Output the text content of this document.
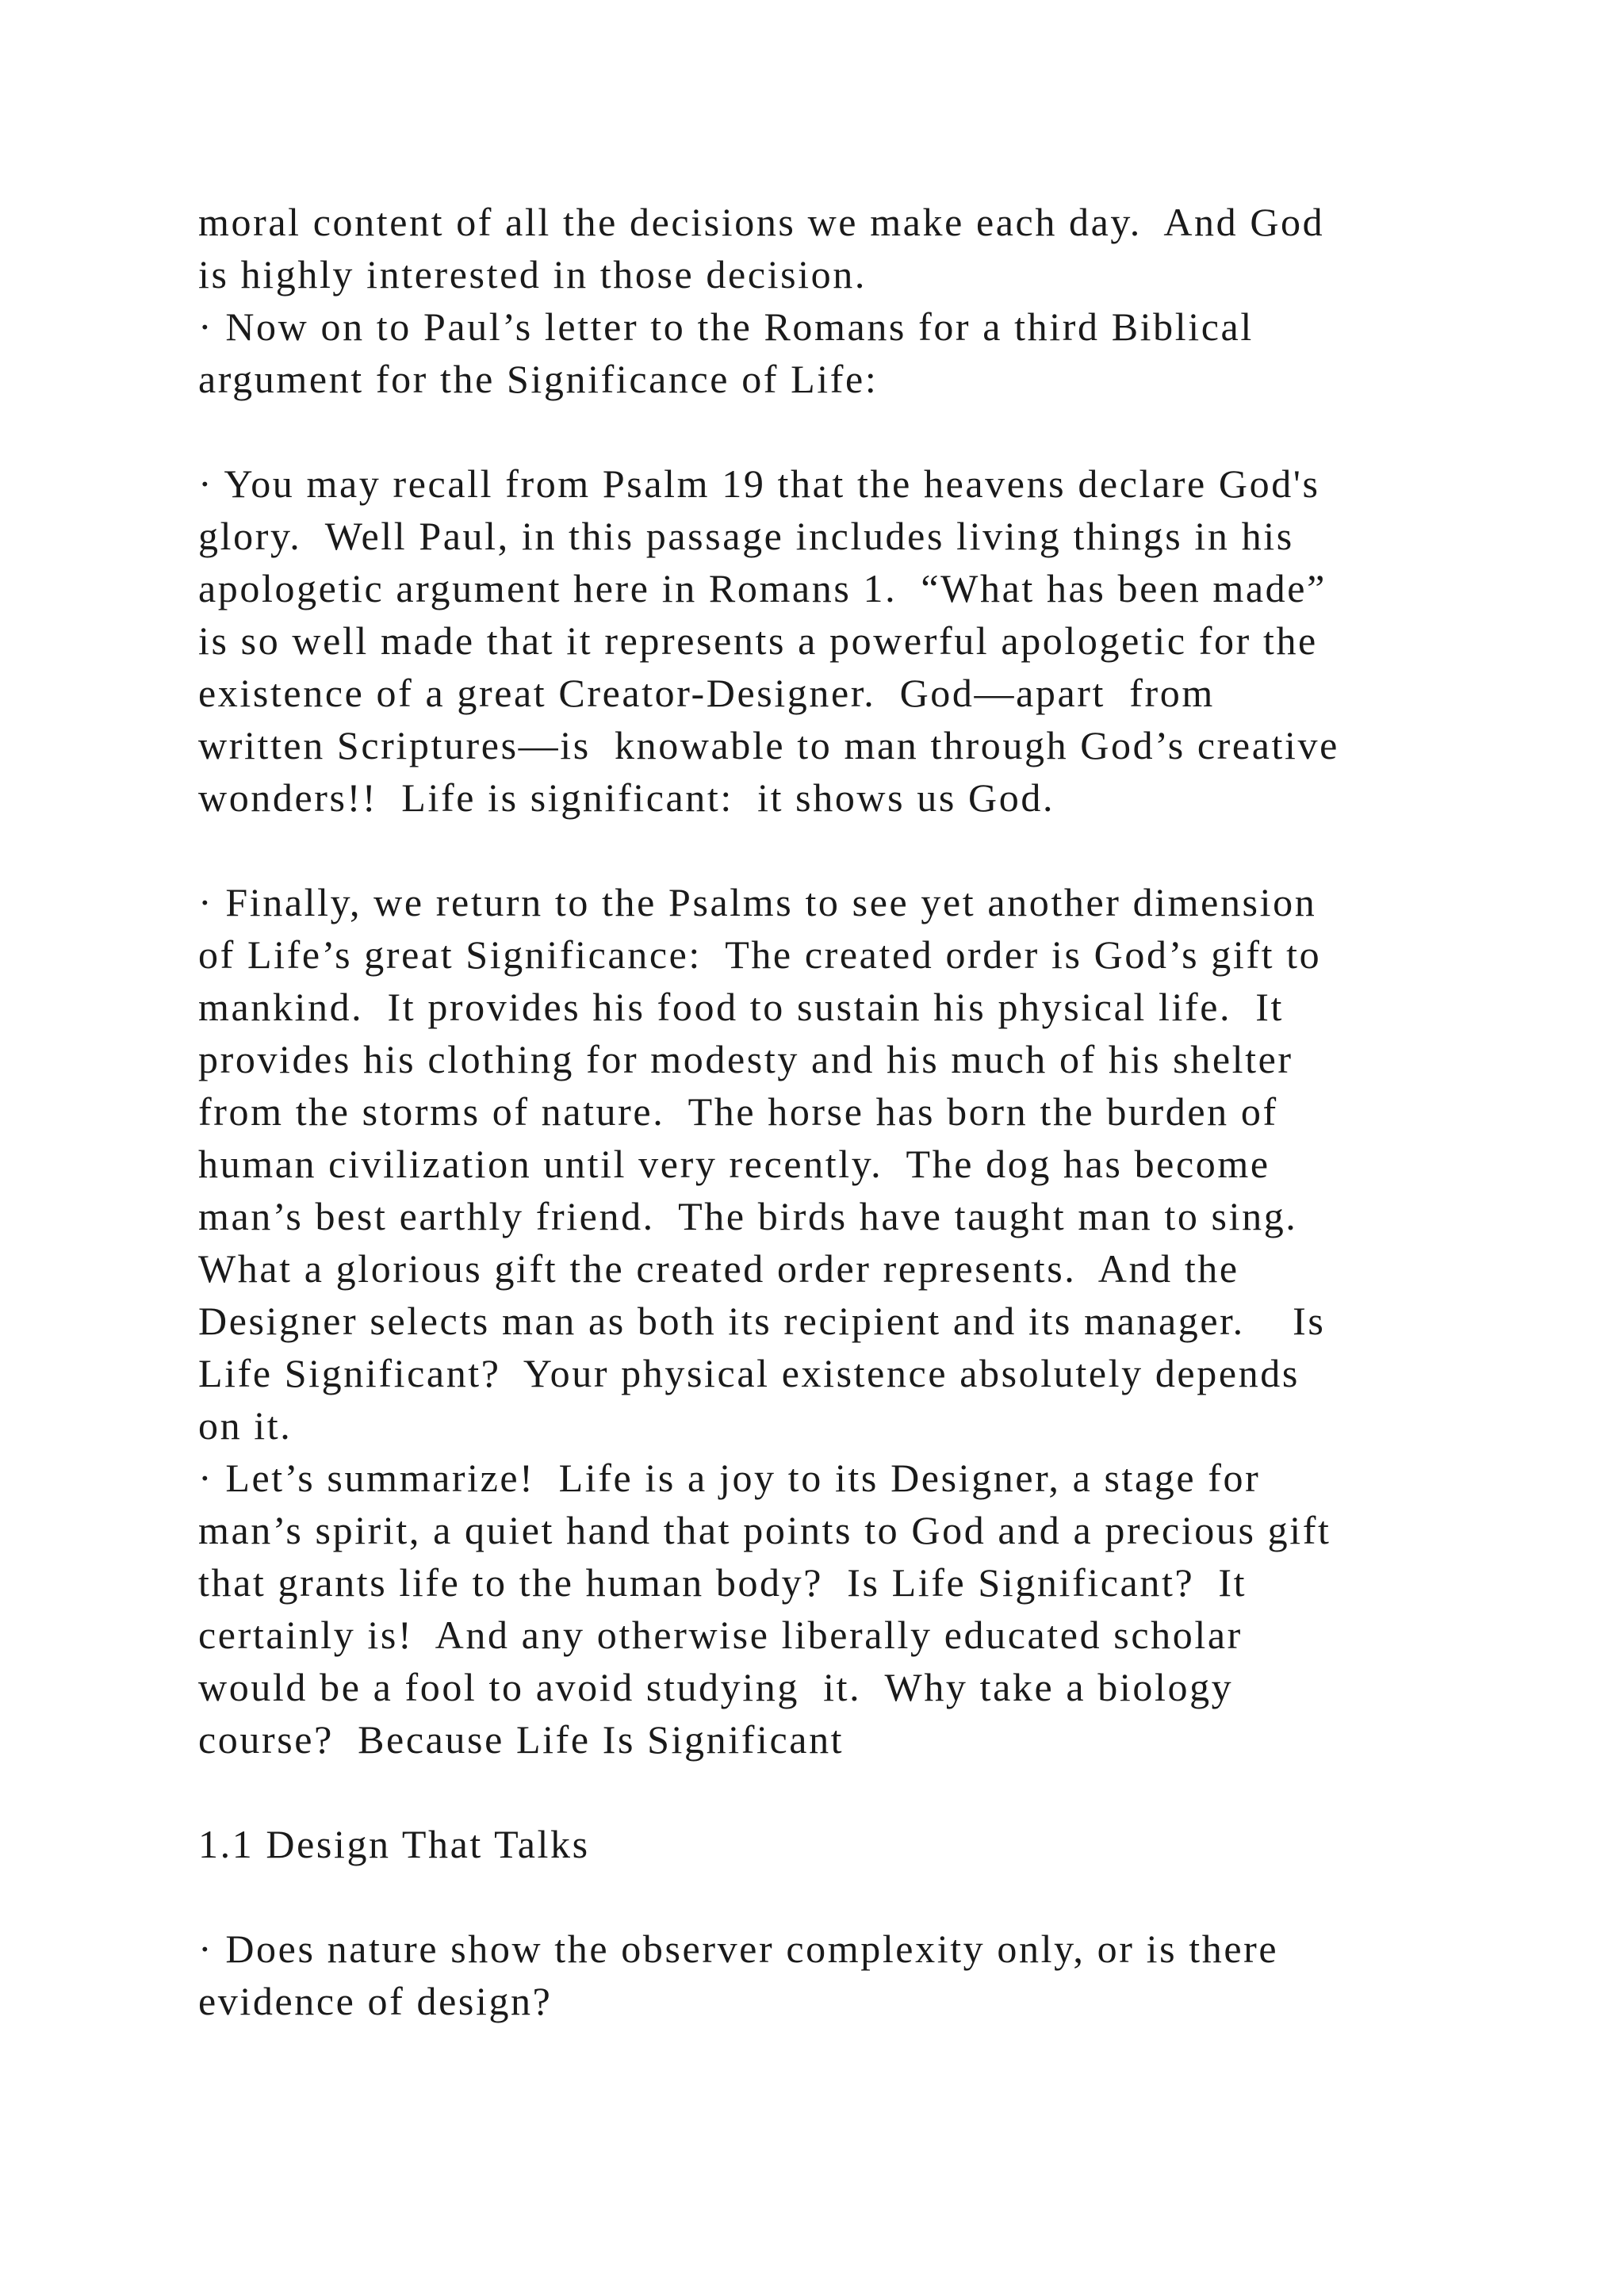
moral content of all the decisions we make each day.  And God
is highly interested in those decision.
· Now on to Paul’s letter to the Romans for a third Biblical
argument for the Significance of Life:
· You may recall from Psalm 19 that the heavens declare God's
glory.  Well Paul, in this passage includes living things in his
apologetic argument here in Romans 1.  “What has been made”
is so well made that it represents a powerful apologetic for the
existence of a great Creator-Designer.  God—apart  from
written Scriptures—is  knowable to man through God’s creative
wonders!!  Life is significant:  it shows us God.
· Finally, we return to the Psalms to see yet another dimension
of Life’s great Significance:  The created order is God’s gift to
mankind.  It provides his food to sustain his physical life.  It
provides his clothing for modesty and his much of his shelter
from the storms of nature.  The horse has born the burden of
human civilization until very recently.  The dog has become
man’s best earthly friend.  The birds have taught man to sing.
What a glorious gift the created order represents.  And the
Designer selects man as both its recipient and its manager.    Is
Life Significant?  Your physical existence absolutely depends
on it.
· Let’s summarize!  Life is a joy to its Designer, a stage for
man’s spirit, a quiet hand that points to God and a precious gift
that grants life to the human body?  Is Life Significant?  It
certainly is!  And any otherwise liberally educated scholar
would be a fool to avoid studying  it.  Why take a biology
course?  Because Life Is Significant
1.1 Design That Talks
· Does nature show the observer complexity only, or is there
evidence of design?
